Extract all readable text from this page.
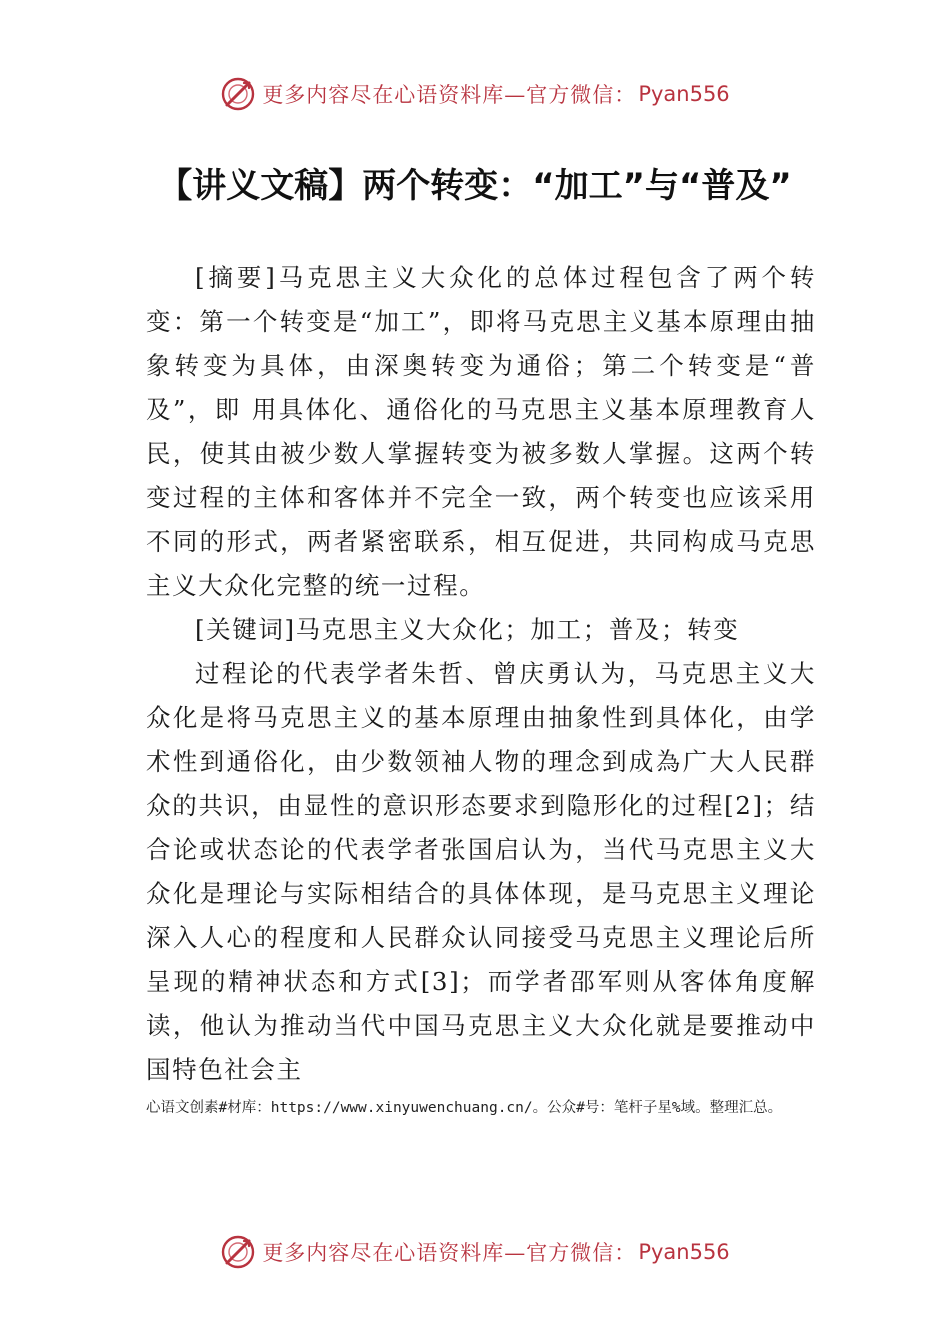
更多内容尽在心语资料库—官方微信： Pyan556
【讲义文稿】两个转变：“加工”与“普及”

[摘要]马克思主义大众化的总体过程包含了两个转变：第一个转变是“加工”，即将马克思主义基本原理由抽象转变为具体，由深奥转变为通俗；第二个转变是“普及”，即 用具体化、通俗化的马克思主义基本原理教育人民，使其由被少数人掌握转变为被多数人掌握。这两个转变过程的主体和客体并不完全一致，两个转变也应该采用不同的形式，两者紧密联系，相互促进，共同构成马克思主义大众化完整的统一过程。

[关键词]马克思主义大众化；加工；普及；转变

过程论的代表学者朱哲、曾庆勇认为，马克思主义大众化是将马克思主义的基本原理由抽象性到具体化，由学术性到通俗化，由少数领袖人物的理念到成為广大人民群众的共识，由显性的意识形态要求到隐形化的过程[2]；结合论或状态论的代表学者张国启认为，当代马克思主义大众化是理论与实际相结合的具体体现，是马克思主义理论深入人心的程度和人民群众认同接受马克思主义理论后所呈现的精神状态和方式[3]；而学者邵军则从客体角度解读，他认为推动当代中国马克思主义大众化就是要推动中国特色社会主

心语文创素#材库：https://www.xinyuwenchuang.cn/。公众#号：笔杆子星%域。整理汇总。
更多内容尽在心语资料库—官方微信： Pyan556
